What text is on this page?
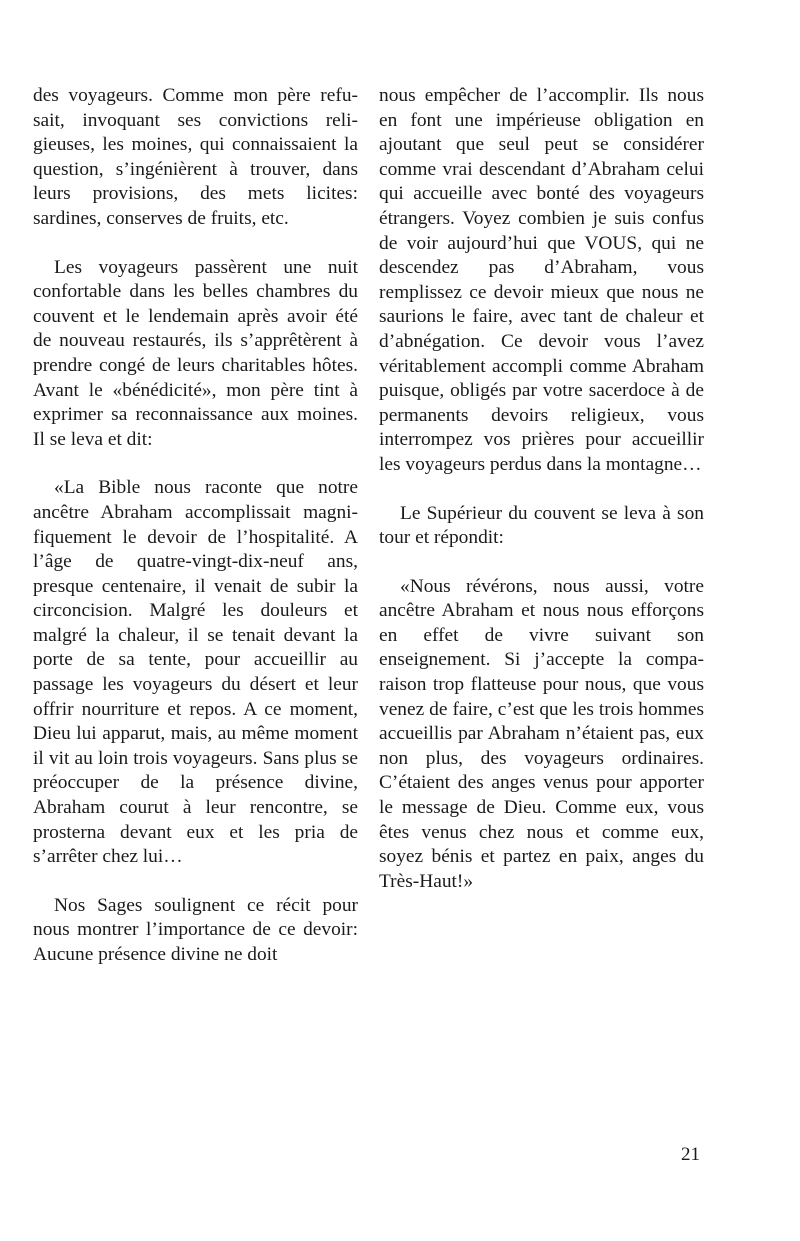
des voyageurs. Comme mon père refusait, invoquant ses convictions religieuses, les moines, qui connaissaient la question, s’ingénièrent à trouver, dans leurs provisions, des mets licites: sardines, conserves de fruits, etc.

Les voyageurs passèrent une nuit confortable dans les belles chambres du couvent et le lendemain après avoir été de nouveau restaurés, ils s’apprêtèrent à prendre congé de leurs charitables hôtes. Avant le «bénédicité», mon père tint à exprimer sa reconnaissance aux moines. Il se leva et dit:

«La Bible nous raconte que notre ancêtre Abraham accomplissait magnifiquement le devoir de l’hospitalité. A l’âge de quatre-vingt-dix-neuf ans, presque centenaire, il venait de subir la circoncision. Malgré les douleurs et malgré la chaleur, il se tenait devant la porte de sa tente, pour accueillir au passage les voyageurs du désert et leur offrir nourriture et repos. A ce moment, Dieu lui apparut, mais, au même moment il vit au loin trois voyageurs. Sans plus se préoccuper de la présence divine, Abraham courut à leur rencontre, se prosterna devant eux et les pria de s’arrêter chez lui…

Nos Sages soulignent ce récit pour nous montrer l’importance de ce devoir: Aucune présence divine ne doit

nous empêcher de l’accomplir. Ils nous en font une impérieuse obligation en ajoutant que seul peut se considérer comme vrai descendant d’Abraham celui qui accueille avec bonté des voyageurs étrangers. Voyez combien je suis confus de voir aujourd’hui que VOUS, qui ne descendez pas d’Abraham, vous remplissez ce devoir mieux que nous ne saurions le faire, avec tant de chaleur et d’abnégation. Ce devoir vous l’avez véritablement accompli comme Abraham puisque, obligés par votre sacerdoce à de permanents devoirs religieux, vous interrompez vos prières pour accueillir les voyageurs perdus dans la montagne…

Le Supérieur du couvent se leva à son tour et répondit:

«Nous révérons, nous aussi, votre ancêtre Abraham et nous nous efforçons en effet de vivre suivant son enseignement. Si j’accepte la comparaison trop flatteuse pour nous, que vous venez de faire, c’est que les trois hommes accueillis par Abraham n’étaient pas, eux non plus, des voyageurs ordinaires. C’étaient des anges venus pour apporter le message de Dieu. Comme eux, vous êtes venus chez nous et comme eux, soyez bénis et partez en paix, anges du Très-Haut!»

21
